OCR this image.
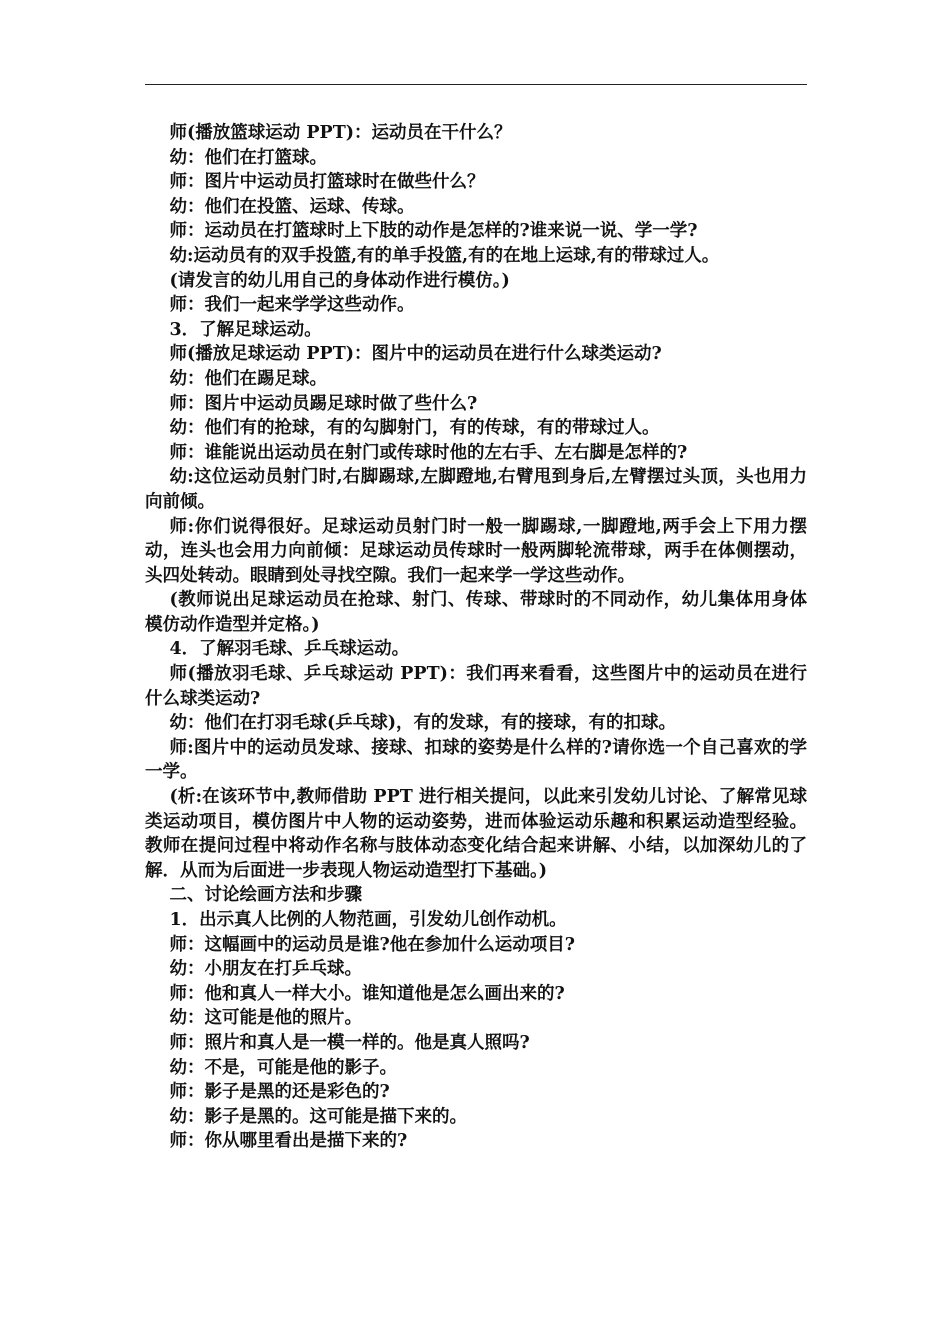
师(播放篮球运动 PPT)：运动员在干什么？

幼：他们在打篮球。

师：图片中运动员打篮球时在做些什么？

幼：他们在投篮、运球、传球。

师：运动员在打篮球时上下肢的动作是怎样的?谁来说一说、学一学?

幼:运动员有的双手投篮,有的单手投篮,有的在地上运球,有的带球过人。

(请发言的幼儿用自己的身体动作进行模仿。)

师：我们一起来学学这些动作。

3．了解足球运动。

师(播放足球运动 PPT)：图片中的运动员在进行什么球类运动?

幼：他们在踢足球。

师：图片中运动员踢足球时做了些什么?

幼：他们有的抢球，有的勾脚射门，有的传球，有的带球过人。

师：谁能说出运动员在射门或传球时他的左右手、左右脚是怎样的?

幼:这位运动员射门时,右脚踢球,左脚蹬地,右臂甩到身后,左臂摆过头顶，头也用力向前倾。

师:你们说得很好。足球运动员射门时一般一脚踢球,一脚蹬地,两手会上下用力摆动，连头也会用力向前倾：足球运动员传球时一般两脚轮流带球，两手在体侧摆动，头四处转动。眼睛到处寻找空隙。我们一起来学一学这些动作。

(教师说出足球运动员在抢球、射门、传球、带球时的不同动作，幼儿集体用身体模仿动作造型并定格。)

4．了解羽毛球、乒乓球运动。

师(播放羽毛球、乒乓球运动 PPT)：我们再来看看，这些图片中的运动员在进行什么球类运动?

幼：他们在打羽毛球(乒乓球)，有的发球，有的接球，有的扣球。

师:图片中的运动员发球、接球、扣球的姿势是什么样的?请你选一个自己喜欢的学一学。

(析:在该环节中,教师借助 PPT 进行相关提问，以此来引发幼儿讨论、了解常见球类运动项目，模仿图片中人物的运动姿势，进而体验运动乐趣和积累运动造型经验。教师在提问过程中将动作名称与肢体动态变化结合起来讲解、小结，以加深幼儿的了解．从而为后面进一步表现人物运动造型打下基础。)

二、讨论绘画方法和步骤

1．出示真人比例的人物范画，引发幼儿创作动机。

师：这幅画中的运动员是谁?他在参加什么运动项目?

幼：小朋友在打乒乓球。

师：他和真人一样大小。谁知道他是怎么画出来的?

幼：这可能是他的照片。

师：照片和真人是一模一样的。他是真人照吗?

幼：不是，可能是他的影子。

师：影子是黑的还是彩色的?

幼：影子是黑的。这可能是描下来的。

师：你从哪里看出是描下来的?
